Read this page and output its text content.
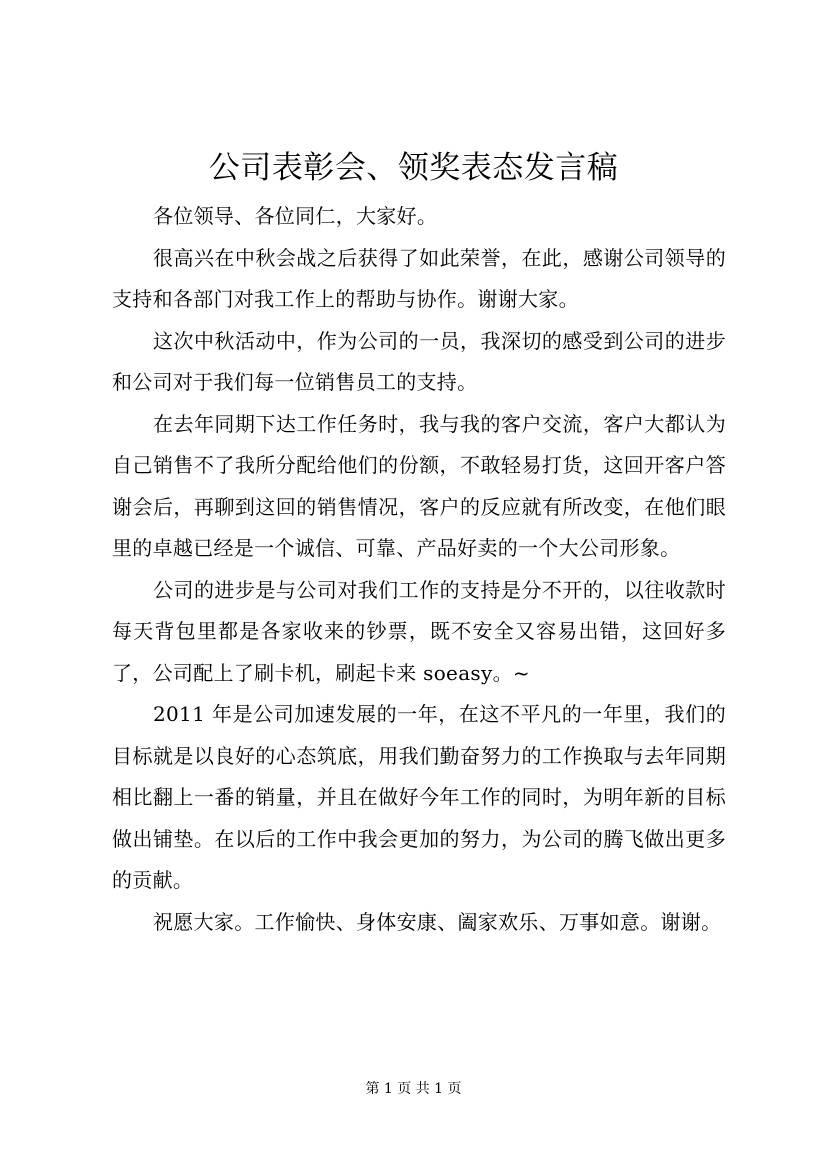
公司表彰会、领奖表态发言稿

各位领导、各位同仁，大家好。

很高兴在中秋会战之后获得了如此荣誉，在此，感谢公司领导的支持和各部门对我工作上的帮助与协作。谢谢大家。

这次中秋活动中，作为公司的一员，我深切的感受到公司的进步和公司对于我们每一位销售员工的支持。

在去年同期下达工作任务时，我与我的客户交流，客户大都认为自己销售不了我所分配给他们的份额，不敢轻易打货，这回开客户答谢会后，再聊到这回的销售情况，客户的反应就有所改变，在他们眼里的卓越已经是一个诚信、可靠、产品好卖的一个大公司形象。

公司的进步是与公司对我们工作的支持是分不开的，以往收款时每天背包里都是各家收来的钞票，既不安全又容易出错，这回好多了，公司配上了刷卡机，刷起卡来 soeasy。~

2011 年是公司加速发展的一年，在这不平凡的一年里，我们的目标就是以良好的心态筑底，用我们勤奋努力的工作换取与去年同期相比翻上一番的销量，并且在做好今年工作的同时，为明年新的目标做出铺垫。在以后的工作中我会更加的努力，为公司的腾飞做出更多的贡献。

祝愿大家。工作愉快、身体安康、阖家欢乐、万事如意。谢谢。

第 1 页 共 1 页
